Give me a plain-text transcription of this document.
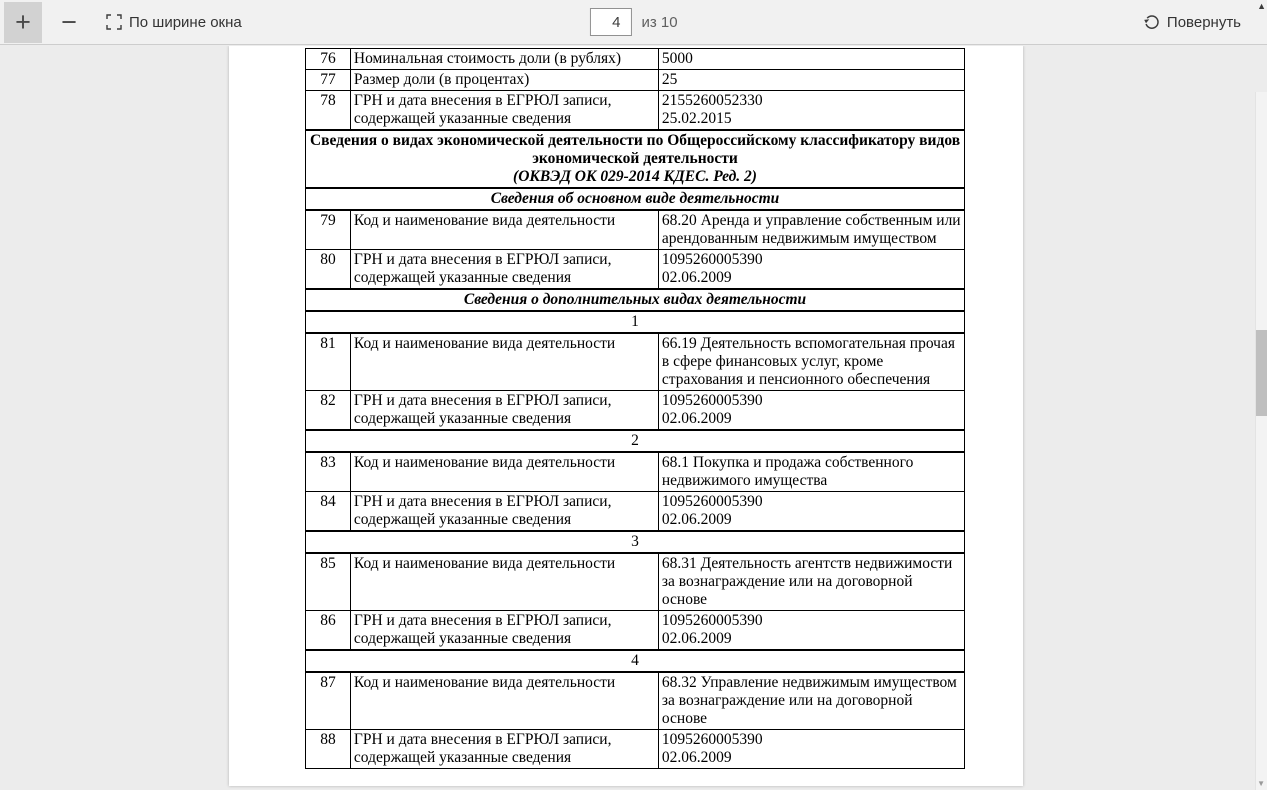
+ −	По ширине окна
4	из 10	Повернуть
76	Номинальная стоимость доли (в рублях)	5000

77	Размер доли (в процентах)	25

78	ГРН и дата внесения в ЕГРЮЛ записи, содержащей указанные сведения	2155260052330
25.02.2015

Сведения о видах экономической деятельности по Общероссийскому классификатору видов экономической деятельности
(ОКВЭД ОК 029-2014 КДЕС. Ред. 2)		

Сведения об основном виде деятельности		
79	Код и наименование вида деятельности	68.20 Аренда и управление собственным или арендованным недвижимым имуществом

80	ГРН и дата внесения в ЕГРЮЛ записи, содержащей указанные сведения	1095260005390
02.06.2009

Сведения о дополнительных видах деятельности		
1		
81	Код и наименование вида деятельности	66.19 Деятельность вспомогательная прочая в сфере финансовых услуг, кроме страхования и пенсионного обеспечения

82	ГРН и дата внесения в ЕГРЮЛ записи, содержащей указанные сведения	1095260005390
02.06.2009

2		
83	Код и наименование вида деятельности	68.1 Покупка и продажа собственного недвижимого имущества

84	ГРН и дата внесения в ЕГРЮЛ записи, содержащей указанные сведения	1095260005390
02.06.2009

3		
85	Код и наименование вида деятельности	68.31 Деятельность агентств недвижимости за вознаграждение или на договорной основе

86	ГРН и дата внесения в ЕГРЮЛ записи, содержащей указанные сведения	1095260005390
02.06.2009

4		
87	Код и наименование вида деятельности	68.32 Управление недвижимым имуществом за вознаграждение или на договорной основе

88	ГРН и дата внесения в ЕГРЮЛ записи, содержащей указанные сведения	1095260005390
02.06.2009
▲
▼
